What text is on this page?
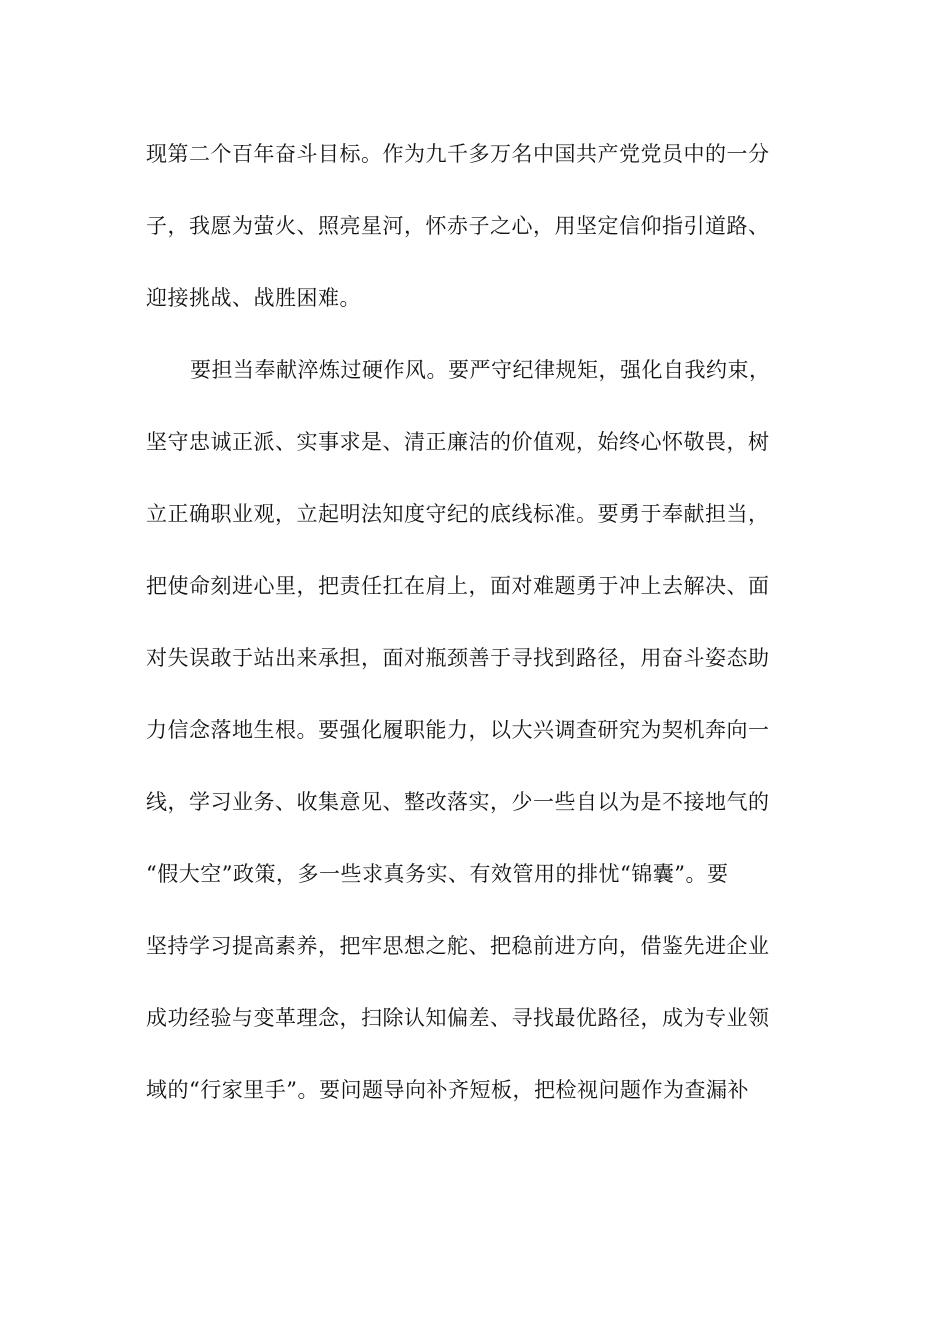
现第二个百年奋斗目标。作为九千多万名中国共产党党员中的一分
子，我愿为萤火、照亮星河，怀赤子之心，用坚定信仰指引道路、
迎接挑战、战胜困难。
要担当奉献淬炼过硬作风。要严守纪律规矩，强化自我约束，
坚守忠诚正派、实事求是、清正廉洁的价值观，始终心怀敬畏，树
立正确职业观，立起明法知度守纪的底线标准。要勇于奉献担当，
把使命刻进心里，把责任扛在肩上，面对难题勇于冲上去解决、面
对失误敢于站出来承担，面对瓶颈善于寻找到路径，用奋斗姿态助
力信念落地生根。要强化履职能力，以大兴调查研究为契机奔向一
线，学习业务、收集意见、整改落实，少一些自以为是不接地气的
“假大空”政策，多一些求真务实、有效管用的排忧“锦囊”。要
坚持学习提高素养，把牢思想之舵、把稳前进方向，借鉴先进企业
成功经验与变革理念，扫除认知偏差、寻找最优路径，成为专业领
域的“行家里手”。要问题导向补齐短板，把检视问题作为查漏补
